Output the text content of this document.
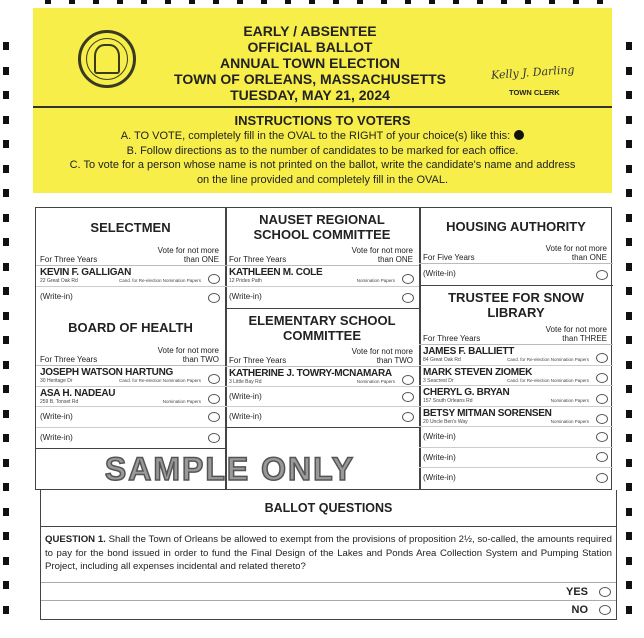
EARLY / ABSENTEE
OFFICIAL BALLOT
ANNUAL TOWN ELECTION
TOWN OF ORLEANS, MASSACHUSETTS
TUESDAY, MAY 21, 2024
Kelly J. Darling
TOWN CLERK
INSTRUCTIONS TO VOTERS
A. TO VOTE, completely fill in the OVAL to the RIGHT of your choice(s) like this:
B. Follow directions as to the number of candidates to be marked for each office.
C. To vote for a person whose name is not printed on the ballot, write the candidate's name and address on the line provided and completely fill in the OVAL.
SELECTMEN
For Three Years
Vote for not more than ONE
KEVIN F. GALLIGAN
22 Great Oak Rd	Cand. for Re-election Nomination Papers
(Write-in)
NAUSET REGIONAL SCHOOL COMMITTEE
For Three Years
Vote for not more than ONE
KATHLEEN M. COLE
12 Prides Path	Nomination Papers
(Write-in)
HOUSING AUTHORITY
For Five Years
Vote for not more than ONE
(Write-in)
TRUSTEE FOR SNOW LIBRARY
For Three Years
Vote for not more than THREE
JAMES F. BALLIETT
84 Great Oak Rd	Cand. for Re-election Nomination Papers
MARK STEVEN ZIOMEK
3 Seacrest Dr	Cand. for Re-election Nomination Papers
CHERYL G. BRYAN
157 South Orleans Rd	Nomination Papers
BETSY MITMAN SORENSEN
20 Uncle Ben's Way	Nomination Papers
(Write-in)
(Write-in)
(Write-in)
BOARD OF HEALTH
For Three Years
Vote for not more than TWO
JOSEPH WATSON HARTUNG
30 Heritage Dr	Cand. for Re-election Nomination Papers
ASA H. NADEAU
259 B. Tonset Rd	Nomination Papers
(Write-in)
(Write-in)
ELEMENTARY SCHOOL COMMITTEE
For Three Years
Vote for not more than TWO
KATHERINE J. TOWRY-MCNAMARA
3 Little Bay Rd	Nomination Papers
(Write-in)
(Write-in)
BALLOT QUESTIONS
QUESTION 1. Shall the Town of Orleans be allowed to exempt from the provisions of proposition 2½, so-called, the amounts required to pay for the bond issued in order to fund the Final Design of the Lakes and Ponds Area Collection System and Pumping Station Project, including all expenses incidental and related thereto?
YES
NO
SAMPLE ONLY
